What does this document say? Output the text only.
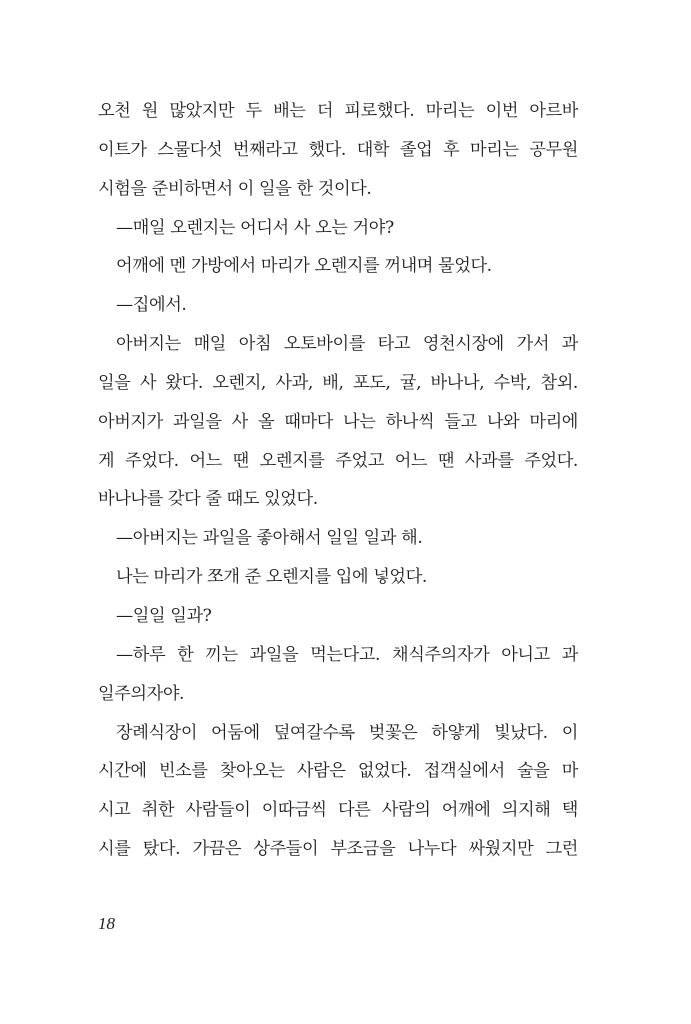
오천 원 많았지만 두 배는 더 피로했다. 마리는 이번 아르바
이트가 스물다섯 번째라고 했다. 대학 졸업 후 마리는 공무원
시험을 준비하면서 이 일을 한 것이다.
—매일 오렌지는 어디서 사 오는 거야?
어깨에 멘 가방에서 마리가 오렌지를 꺼내며 물었다.
—집에서.
아버지는 매일 아침 오토바이를 타고 영천시장에 가서 과
일을 사 왔다. 오렌지, 사과, 배, 포도, 귤, 바나나, 수박, 참외.
아버지가 과일을 사 올 때마다 나는 하나씩 들고 나와 마리에
게 주었다. 어느 땐 오렌지를 주었고 어느 땐 사과를 주었다.
바나나를 갖다 줄 때도 있었다.
—아버지는 과일을 좋아해서 일일 일과 해.
나는 마리가 쪼개 준 오렌지를 입에 넣었다.
—일일 일과?
—하루 한 끼는 과일을 먹는다고. 채식주의자가 아니고 과
일주의자야.
장례식장이 어둠에 덮여갈수록 벚꽃은 하얗게 빛났다. 이
시간에 빈소를 찾아오는 사람은 없었다. 접객실에서 술을 마
시고 취한 사람들이 이따금씩 다른 사람의 어깨에 의지해 택
시를 탔다. 가끔은 상주들이 부조금을 나누다 싸웠지만 그런
18
